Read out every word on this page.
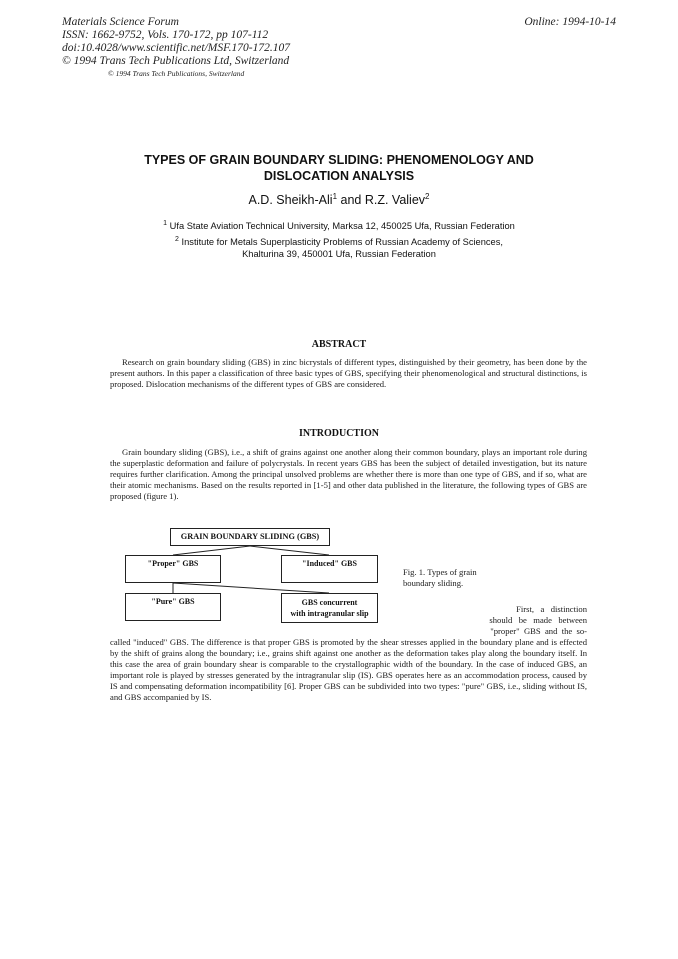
Materials Science Forum
ISSN: 1662-9752, Vols. 170-172, pp 107-112
doi:10.4028/www.scientific.net/MSF.170-172.107
© 1994 Trans Tech Publications Ltd, Switzerland
© 1994 Trans Tech Publications, Switzerland
Online: 1994-10-14
TYPES OF GRAIN BOUNDARY SLIDING: PHENOMENOLOGY AND
DISLOCATION ANALYSIS
A.D. Sheikh-Ali$^1$ and R.Z. Valiev$^2$
$^1$ Ufa State Aviation Technical University, Marksa 12, 450025 Ufa, Russian Federation
$^2$ Institute for Metals Superplasticity Problems of Russian Academy of Sciences,
Khalturina 39, 450001 Ufa, Russian Federation
ABSTRACT

Research on grain boundary sliding (GBS) in zinc bicrystals of different types, distinguished by their geometry, has been done by the present authors. In this paper a classification of three basic types of GBS, specifying their phenomenological and structural distinctions, is proposed. Dislocation mechanisms of the different types of GBS are considered.

INTRODUCTION

Grain boundary sliding (GBS), i.e., a shift of grains against one another along their common boundary, plays an important role during the superplastic deformation and failure of polycrystals. In recent years GBS has been the subject of detailed investigation, but its nature requires further clarification. Among the principal unsolved problems are whether there is more than one type of GBS, and if so, what are their atomic mechanisms. Based on the results reported in [1-5] and other data published in the literature, the following types of GBS are proposed (figure 1).

GRAIN BOUNDARY SLIDING (GBS)
"Proper" GBS	"Induced" GBS
"Pure" GBS	GBS concurrent
with intragranular slip
Fig. 1. Types of grain
boundary sliding.
First,   a   distinction
should   be   made   between
"proper"  GBS  and  the  so-
called "induced" GBS. The difference is that proper GBS is promoted by the shear stresses applied in the boundary plane and is effected by the shift of grains along the boundary; i.e., grains shift against one another as the deformation takes play along the boundary itself. In this case the area of grain boundary shear is comparable to the crystallographic width of the boundary. In the case of induced GBS, an important role is played by stresses generated by the intragranular slip (IS). GBS operates here as an accommodation process, caused by IS and compensating deformation incompatibility [6]. Proper GBS can be subdivided into two types: "pure" GBS, i.e., sliding without IS, and GBS accompanied by IS.
